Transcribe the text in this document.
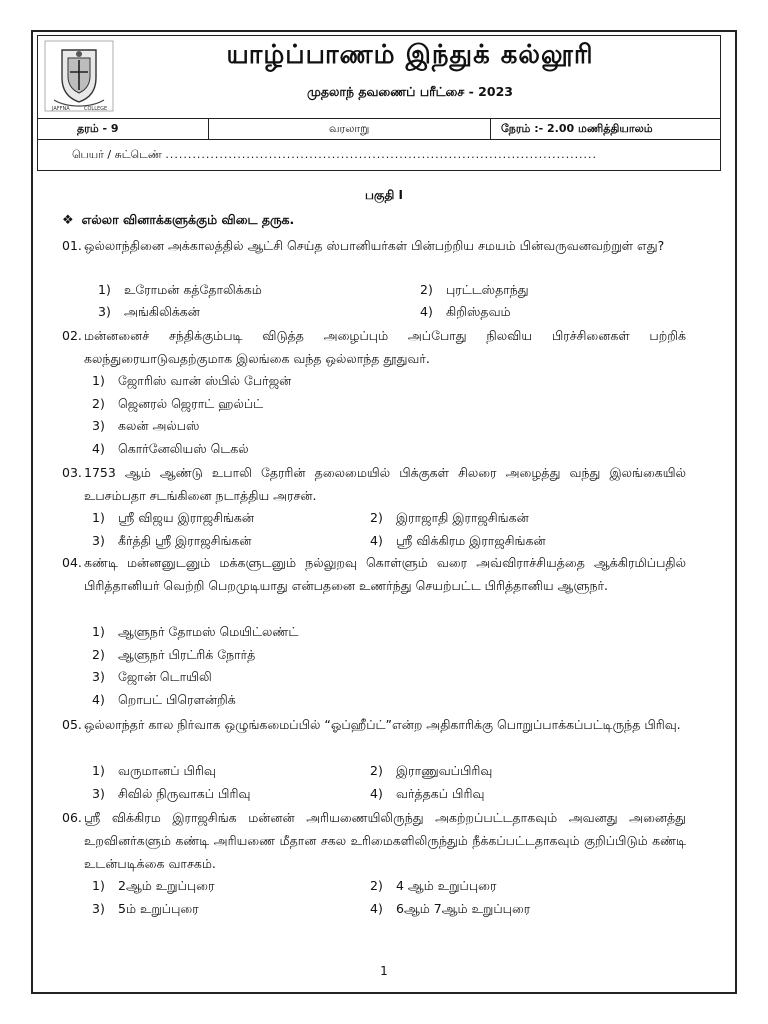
JAFFNA	COLLEGE
யாழ்ப்பாணம் இந்துக் கல்லூரி
முதலாந் தவணைப் பரீட்சை - 2023
தரம் - 9	வரலாறு	நேரம் :- 2.00 மணித்தியாலம்
பெயர் / சுட்டெண் ................................................................................................
பகுதி I
❖ எல்லா வினாக்களுக்கும் விடை தருக.
01. ஒல்லாந்தினை அக்காலத்தில் ஆட்சி செய்த ஸ்பானியர்கள் பின்பற்றிய சமயம் பின்வருவனவற்றுள் எது?
1) உரோமன் கத்தோலிக்கம்	2) புரட்டஸ்தாந்து
3) அங்கிலிக்கன்	4) கிறிஸ்தவம்
02. மன்னனைச் சந்திக்கும்படி விடுத்த அழைப்பும் அப்போது நிலவிய பிரச்சினைகள் பற்றிக் கலந்துரையாடுவதற்குமாக இலங்கை வந்த ஒல்லாந்த தூதுவர்.
1) ஜோரிஸ் வான் ஸ்பில் பேர்ஜன்
2) ஜெனரல் ஜெராட் ஹல்ப்ட்
3) கலன் அல்பஸ்
4) கொர்னேலியஸ் டெகல்
03. 1753 ஆம் ஆண்டு உபாலி தேரரின் தலைமையில் பிக்குகள் சிலரை அழைத்து வந்து இலங்கையில் உபசம்பதா சடங்கினை நடாத்திய அரசன்.
1) ஸ்ரீ விஜய இராஜசிங்கன்	2) இராஜாதி இராஜசிங்கன்
3) கீர்த்தி ஸ்ரீ இராஜசிங்கன்	4) ஸ்ரீ விக்கிரம இராஜசிங்கன்
04. கண்டி மன்னனுடனும் மக்களுடனும் நல்லுறவு கொள்ளும் வரை அவ்விராச்சியத்தை ஆக்கிரமிப்பதில் பிரித்தானியர் வெற்றி பெறமுடியாது என்பதனை உணர்ந்து செயற்பட்ட பிரித்தானிய ஆளுநர்.
1) ஆளுநர் தோமஸ் மெயிட்லண்ட்
2) ஆளுநர் பிரட்ரிக் நோர்த்
3) ஜோன் டொயிலி
4) றொபட் பிரௌன்றிக்
05. ஒல்லாந்தர் கால நிர்வாக ஒழுங்கமைப்பில் “ஓப்ஹீப்ட்”என்ற அதிகாரிக்கு பொறுப்பாக்கப்பட்டிருந்த பிரிவு.
1) வருமானப் பிரிவு	2) இராணுவப்பிரிவு
3) சிவில் நிருவாகப் பிரிவு	4) வர்த்தகப் பிரிவு
06. ஸ்ரீ விக்கிரம இராஜசிங்க மன்னன் அரியணையிலிருந்து அகற்றப்பட்டதாகவும் அவனது அனைத்து உறவினர்களும் கண்டி அரியணை மீதான சகல உரிமைகளிலிருந்தும் நீக்கப்பட்டதாகவும் குறிப்பிடும் கண்டி உடன்படிக்கை வாசகம்.
1) 2ஆம் உறுப்புரை	2) 4 ஆம் உறுப்புரை
3) 5ம் உறுப்புரை	4) 6ஆம் 7ஆம் உறுப்புரை
1
